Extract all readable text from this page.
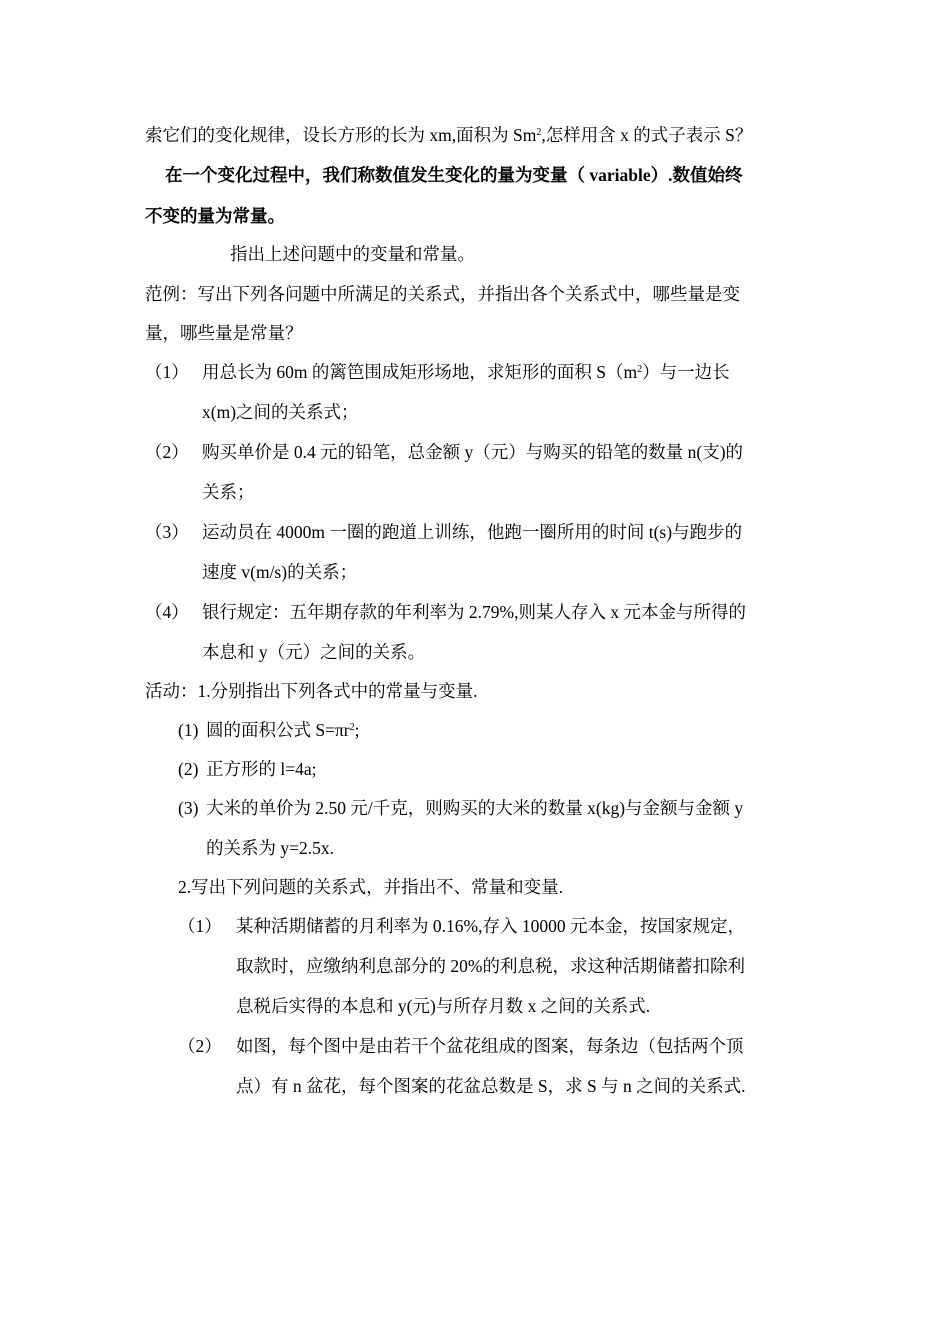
索它们的变化规律，设长方形的长为 xm,面积为 Sm$^2$,怎样用含 x 的式子表示 S？
在一个变化过程中，我们称数值发生变化的量为变量（ variable）.数值始终
不变的量为常量。
指出上述问题中的变量和常量。
范例：写出下列各问题中所满足的关系式，并指出各个关系式中，哪些量是变
量，哪些量是常量？
（1） 用总长为 60m 的篱笆围成矩形场地，求矩形的面积 $S(m^2)$与一边长
x(m)之间的关系式；
（2） 购买单价是 0.4 元的铅笔，总金额 y（元）与购买的铅笔的数量 n(支)的
关系；
（3） 运动员在 4000m 一圈的跑道上训练，他跑一圈所用的时间 t(s)与跑步的
速度 v(m/s)的关系；
（4） 银行规定：五年期存款的年利率为 2.79%,则某人存入 x 元本金与所得的
本息和 y（元）之间的关系。
活动：1.分别指出下列各式中的常量与变量.
(1) 圆的面积公式 $S=\pi r^2$;
(2) 正方形的 l=4a;
(3) 大米的单价为 2.50 元/千克，则购买的大米的数量 x(kg)与金额与金额 y
的关系为 y=2.5x.
2.写出下列问题的关系式，并指出不、常量和变量.
（1） 某种活期储蓄的月利率为 0.16%,存入 10000 元本金，按国家规定，
取款时，应缴纳利息部分的 20%的利息税，求这种活期储蓄扣除利
息税后实得的本息和 y(元)与所存月数 x 之间的关系式.
（2） 如图，每个图中是由若干个盆花组成的图案，每条边（包括两个顶
点）有 n 盆花，每个图案的花盆总数是 S，求 S 与 n 之间的关系式.
